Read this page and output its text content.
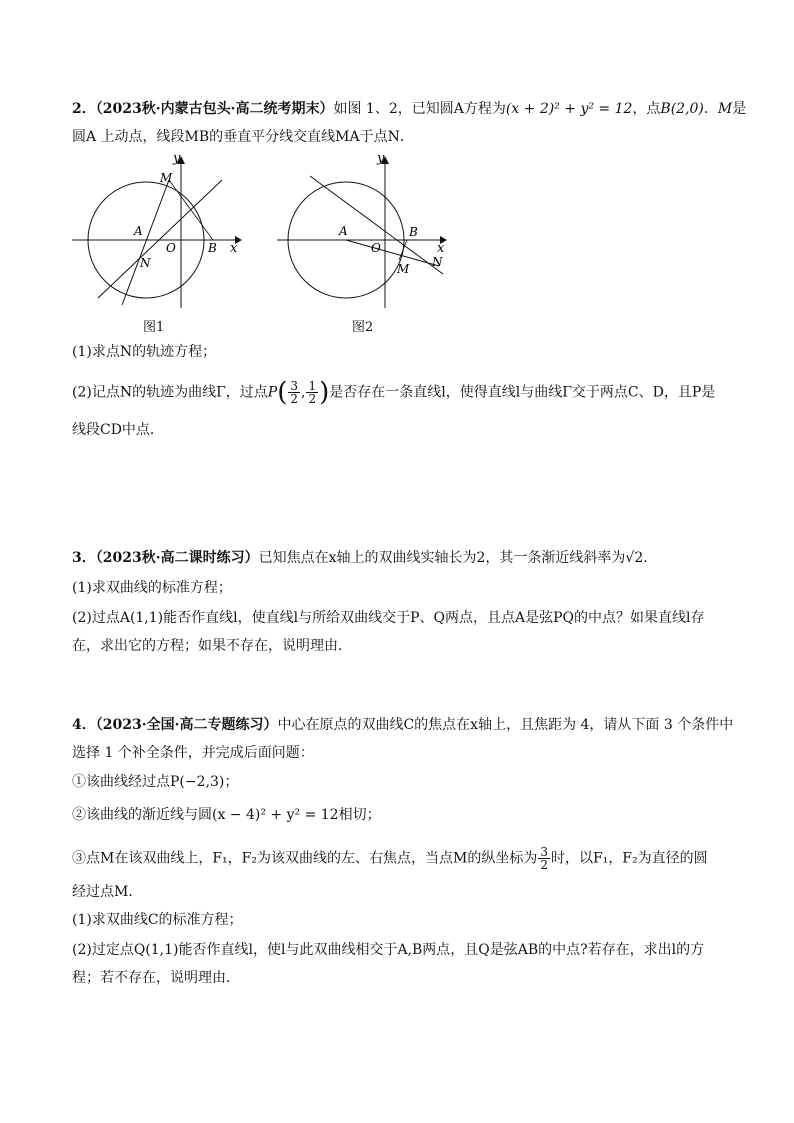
2．（2023秋·内蒙古包头·高二统考期末）如图 1、2，已知圆A方程为(x + 2)² + y² = 12，点B(2,0)．M是
圆A 上动点，线段MB的垂直平分线交直线MA于点N．
y
x
M
A
O	B
N
图1
y
x
A
O
B
M N
图2
(1)求点N的轨迹方程；
(2)记点N的轨迹为曲线Γ，过点$P( \frac{3}{2}$ , $\frac{1}{2}$ )是否存在一条直线l，使得直线l与曲线Γ交于两点C、D，且P是
线段CD中点．
3．（2023秋·高二课时练习）已知焦点在x轴上的双曲线实轴长为2，其一条渐近线斜率为√2．
(1)求双曲线的标准方程；
(2)过点A(1,1)能否作直线l，使直线l与所给双曲线交于P、Q两点，且点A是弦PQ的中点？如果直线l存
在，求出它的方程；如果不存在，说明理由．
4．（2023·全国·高二专题练习）中心在原点的双曲线C的焦点在x轴上，且焦距为 4，请从下面 3 个条件中
选择 1 个补全条件，并完成后面问题：
①该曲线经过点P(−2,3)；
②该曲线的渐近线与圆(x − 4)² + y² = 12相切；
③点M在该双曲线上，F₁，F₂为该双曲线的左、右焦点，当点M的纵坐标为 $\frac{3}{2}$ 时，以F₁，F₂为直径的圆
经过点M．
(1)求双曲线C的标准方程；
(2)过定点Q(1,1)能否作直线l，使l与此双曲线相交于A,B两点，且Q是弦AB的中点?若存在，求出l的方
程；若不存在，说明理由．
